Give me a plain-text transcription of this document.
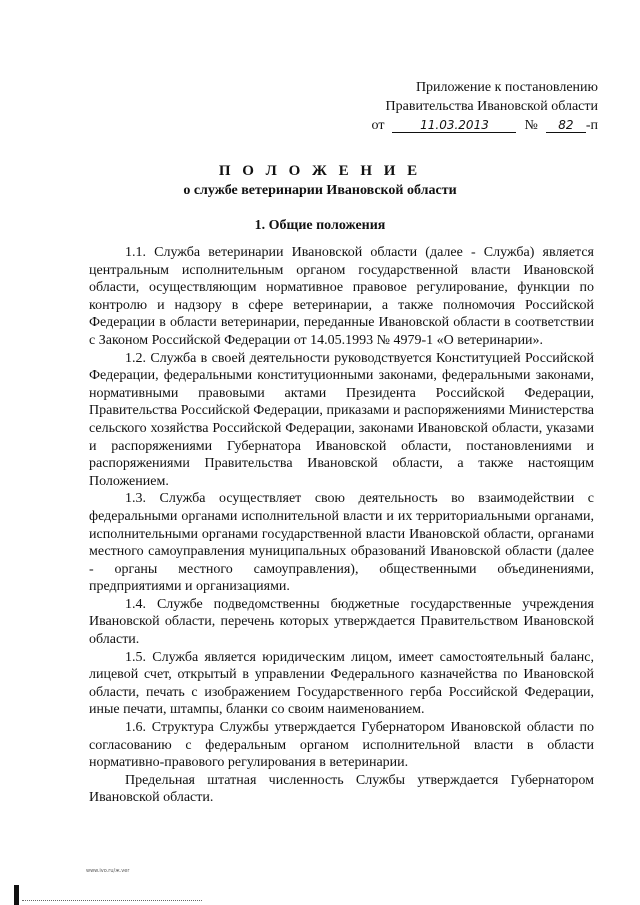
Приложение к постановлению
Правительства Ивановской области
от	11.03.2013	№	82 -п
П О Л О Ж Е Н И Е
о службе ветеринарии Ивановской области
1. Общие положения

1.1. Служба ветеринарии Ивановской области (далее - Служба) является центральным исполнительным органом государственной власти Ивановской области, осуществляющим нормативное правовое регулирование, функции по контролю и надзору в сфере ветеринарии, а также полномочия Российской Федерации в области ветеринарии, переданные Ивановской области в соответствии с Законом Российской Федерации от 14.05.1993 № 4979-1 «О ветеринарии».

1.2. Служба в своей деятельности руководствуется Конституцией Российской Федерации, федеральными конституционными законами, федеральными законами, нормативными правовыми актами Президента Российской Федерации, Правительства Российской Федерации, приказами и распоряжениями Министерства сельского хозяйства Российской Федерации, законами Ивановской области, указами и распоряжениями Губернатора Ивановской области, постановлениями и распоряжениями Правительства Ивановской области, а также настоящим Положением.

1.3. Служба осуществляет свою деятельность во взаимодействии с федеральными органами исполнительной власти и их территориальными органами, исполнительными органами государственной власти Ивановской области, органами местного самоуправления муниципальных образований Ивановской области (далее - органы местного самоуправления), общественными объединениями, предприятиями и организациями.

1.4. Службе подведомственны бюджетные государственные учреждения Ивановской области, перечень которых утверждается Правительством Ивановской области.

1.5. Служба является юридическим лицом, имеет самостоятельный баланс, лицевой счет, открытый в управлении Федерального казначейства по Ивановской области, печать с изображением Государственного герба Российской Федерации, иные печати, штампы, бланки со своим наименованием.

1.6. Структура Службы утверждается Губернатором Ивановской области по согласованию с федеральным органом исполнительной власти в области нормативно-правового регулирования в ветеринарии.

Предельная штатная численность Службы утверждается Губернатором Ивановской области.

www.ivo.ru/ж.ver
